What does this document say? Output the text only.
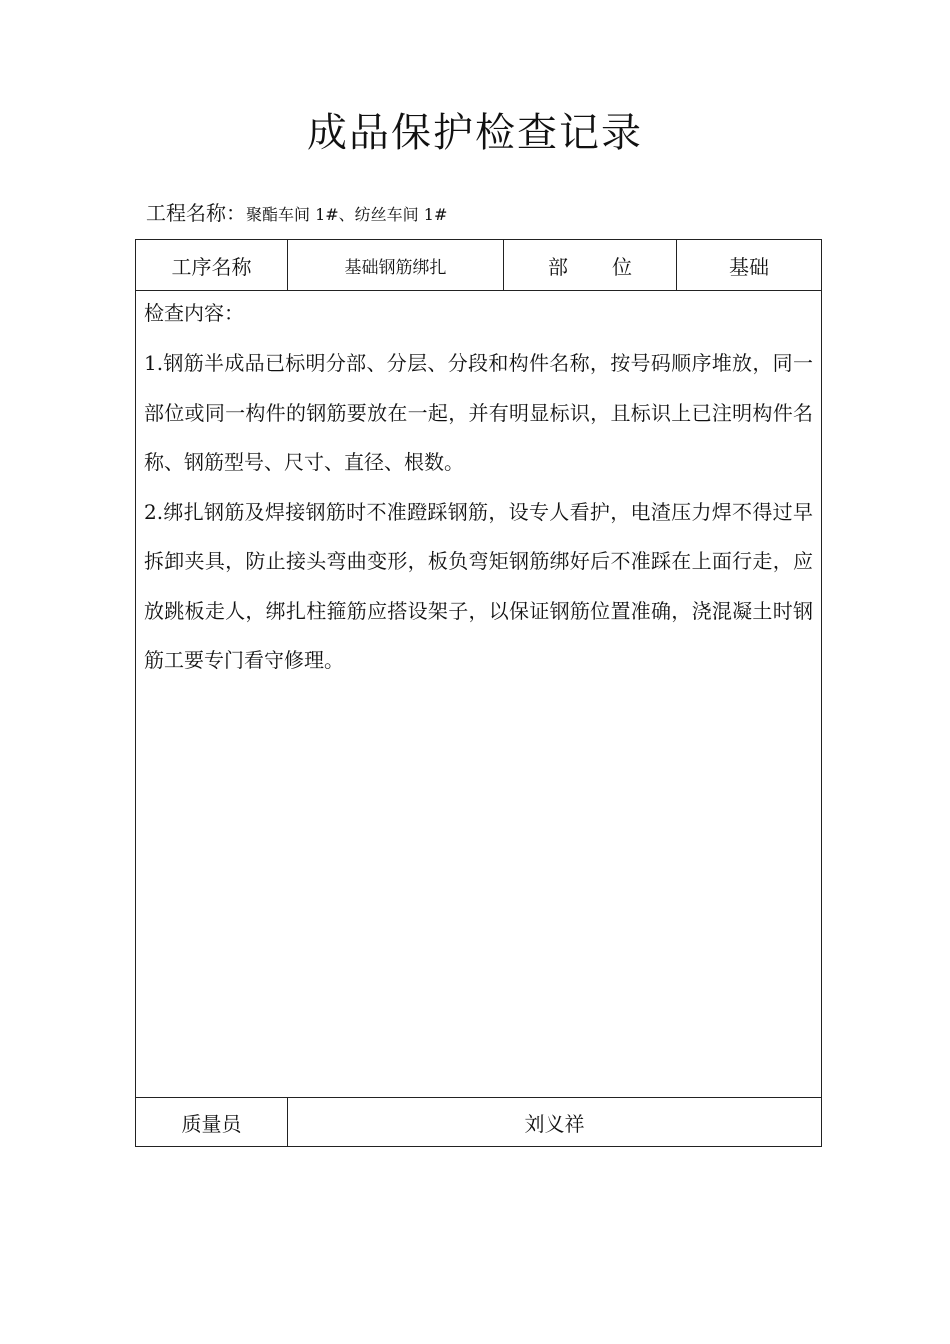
成品保护检查记录
工程名称：聚酯车间 1#、纺丝车间 1#
工序名称	基础钢筋绑扎	部 位	基础

检查内容：

1.钢筋半成品已标明分部、分层、分段和构件名称，按号码顺序堆放，同一部位或同一构件的钢筋要放在一起，并有明显标识，且标识上已注明构件名称、钢筋型号、尺寸、直径、根数。

2.绑扎钢筋及焊接钢筋时不准蹬踩钢筋，设专人看护，电渣压力焊不得过早拆卸夹具，防止接头弯曲变形，板负弯矩钢筋绑好后不准踩在上面行走，应放跳板走人，绑扎柱箍筋应搭设架子，以保证钢筋位置准确，浇混凝土时钢筋工要专门看守修理。			

质量员	刘义祥		
